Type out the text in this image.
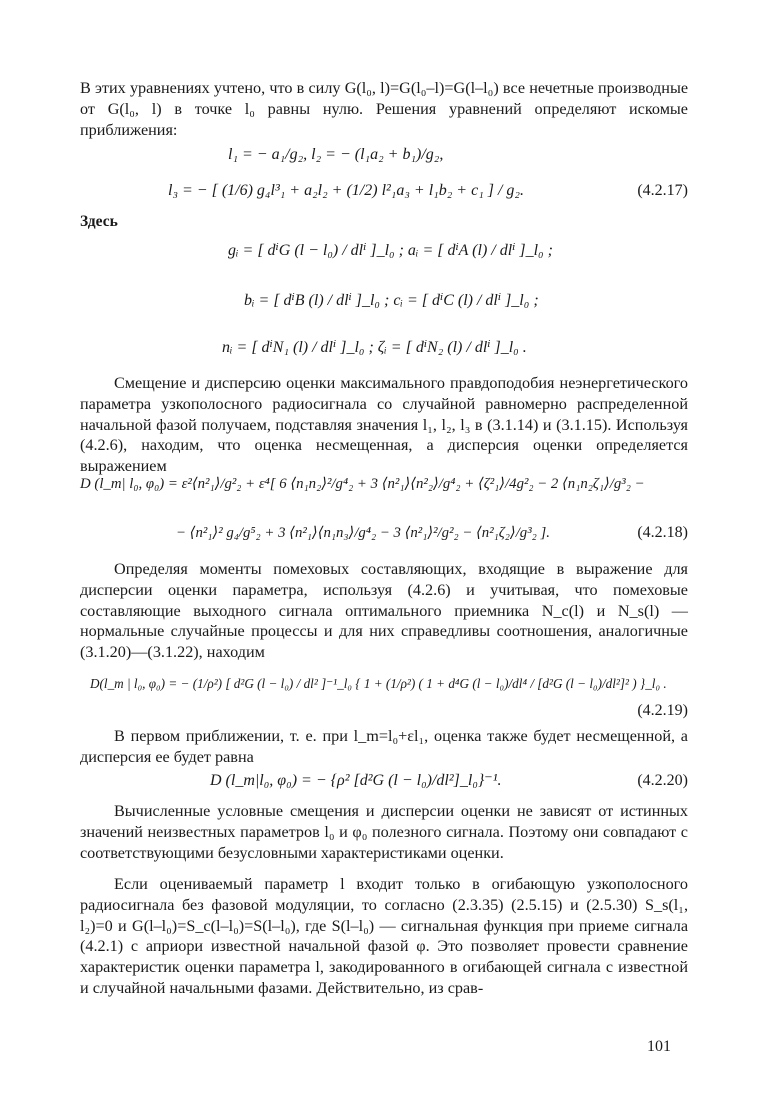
В этих уравнениях учтено, что в силу G(l₀, l)=G(l₀–l)=G(l–l₀) все нечетные производные от G(l₀, l) в точке l₀ равны нулю. Решения уравнений определяют искомые приближения:

l₁ = − a₁/g₂, l₂ = − (l₁a₂ + b₁)/g₂,
l₃ = − [ (1/6) g₄l³₁ + a₂l₂ + (1/2) l²₁a₃ + l₁b₂ + c₁ ] / g₂.	(4.2.17)
Здесь
gᵢ = [ dⁱG (l − l₀) / dlⁱ ]_l₀ ; aᵢ = [ dⁱA (l) / dlⁱ ]_l₀ ;
bᵢ = [ dⁱB (l) / dlⁱ ]_l₀ ; cᵢ = [ dⁱC (l) / dlⁱ ]_l₀ ;
nᵢ = [ dⁱN₁ (l) / dlⁱ ]_l₀ ; ζᵢ = [ dⁱN₂ (l) / dlⁱ ]_l₀ .

Смещение и дисперсию оценки максимального правдоподобия неэнергетического параметра узкополосного радиосигнала со случайной равномерно распределенной начальной фазой получаем, подставляя значения l₁, l₂, l₃ в (3.1.14) и (3.1.15). Используя (4.2.6), находим, что оценка несмещенная, а дисперсия оценки определяется выражением

D (l_m| l₀, φ₀) = ε²⟨n²₁⟩/g²₂ + ε⁴[ 6 ⟨n₁n₂⟩²/g⁴₂ + 3 ⟨n²₁⟩⟨n²₂⟩/g⁴₂ + ⟨ζ²₁⟩/4g²₂ − 2 ⟨n₁n₂ζ₁⟩/g³₂ −
− ⟨n²₁⟩² g₄/g⁵₂ + 3 ⟨n²₁⟩⟨n₁n₃⟩/g⁴₂ − 3 ⟨n²₁⟩²/g²₂ − ⟨n²₁ζ₂⟩/g³₂ ].	(4.2.18)

Определяя моменты помеховых составляющих, входящие в выражение для дисперсии оценки параметра, используя (4.2.6) и учитывая, что помеховые составляющие выходного сигнала оптимального приемника N_c(l) и N_s(l) — нормальные случайные процессы и для них справедливы соотношения, аналогичные (3.1.20)—(3.1.22), находим

D(l_m | l₀, φ₀) = − (1/ρ²) [ d²G (l − l₀) / dl² ]⁻¹_l₀ { 1 + (1/ρ²) ( 1 + d⁴G (l − l₀)/dl⁴ / [d²G (l − l₀)/dl²]² ) }_l₀ .
(4.2.19)

В первом приближении, т. е. при l_m=l₀+εl₁, оценка также будет несмещенной, а дисперсия ее будет равна

D (l_m|l₀, φ₀) = − {ρ² [d²G (l − l₀)/dl²]_l₀}⁻¹.	(4.2.20)

Вычисленные условные смещения и дисперсии оценки не зависят от истинных значений неизвестных параметров l₀ и φ₀ полезного сигнала. Поэтому они совпадают с соответствующими безусловными характеристиками оценки.

Если оцениваемый параметр l входит только в огибающую узкополосного радиосигнала без фазовой модуляции, то согласно (2.3.35) (2.5.15) и (2.5.30) S_s(l₁, l₂)=0 и G(l–l₀)=S_c(l–l₀)=S(l–l₀), где S(l–l₀) — сигнальная функция при приеме сигнала (4.2.1) с априори известной начальной фазой φ. Это позволяет провести сравнение характеристик оценки параметра l, закодированного в огибающей сигнала с известной и случайной начальными фазами. Действительно, из срав-

101
